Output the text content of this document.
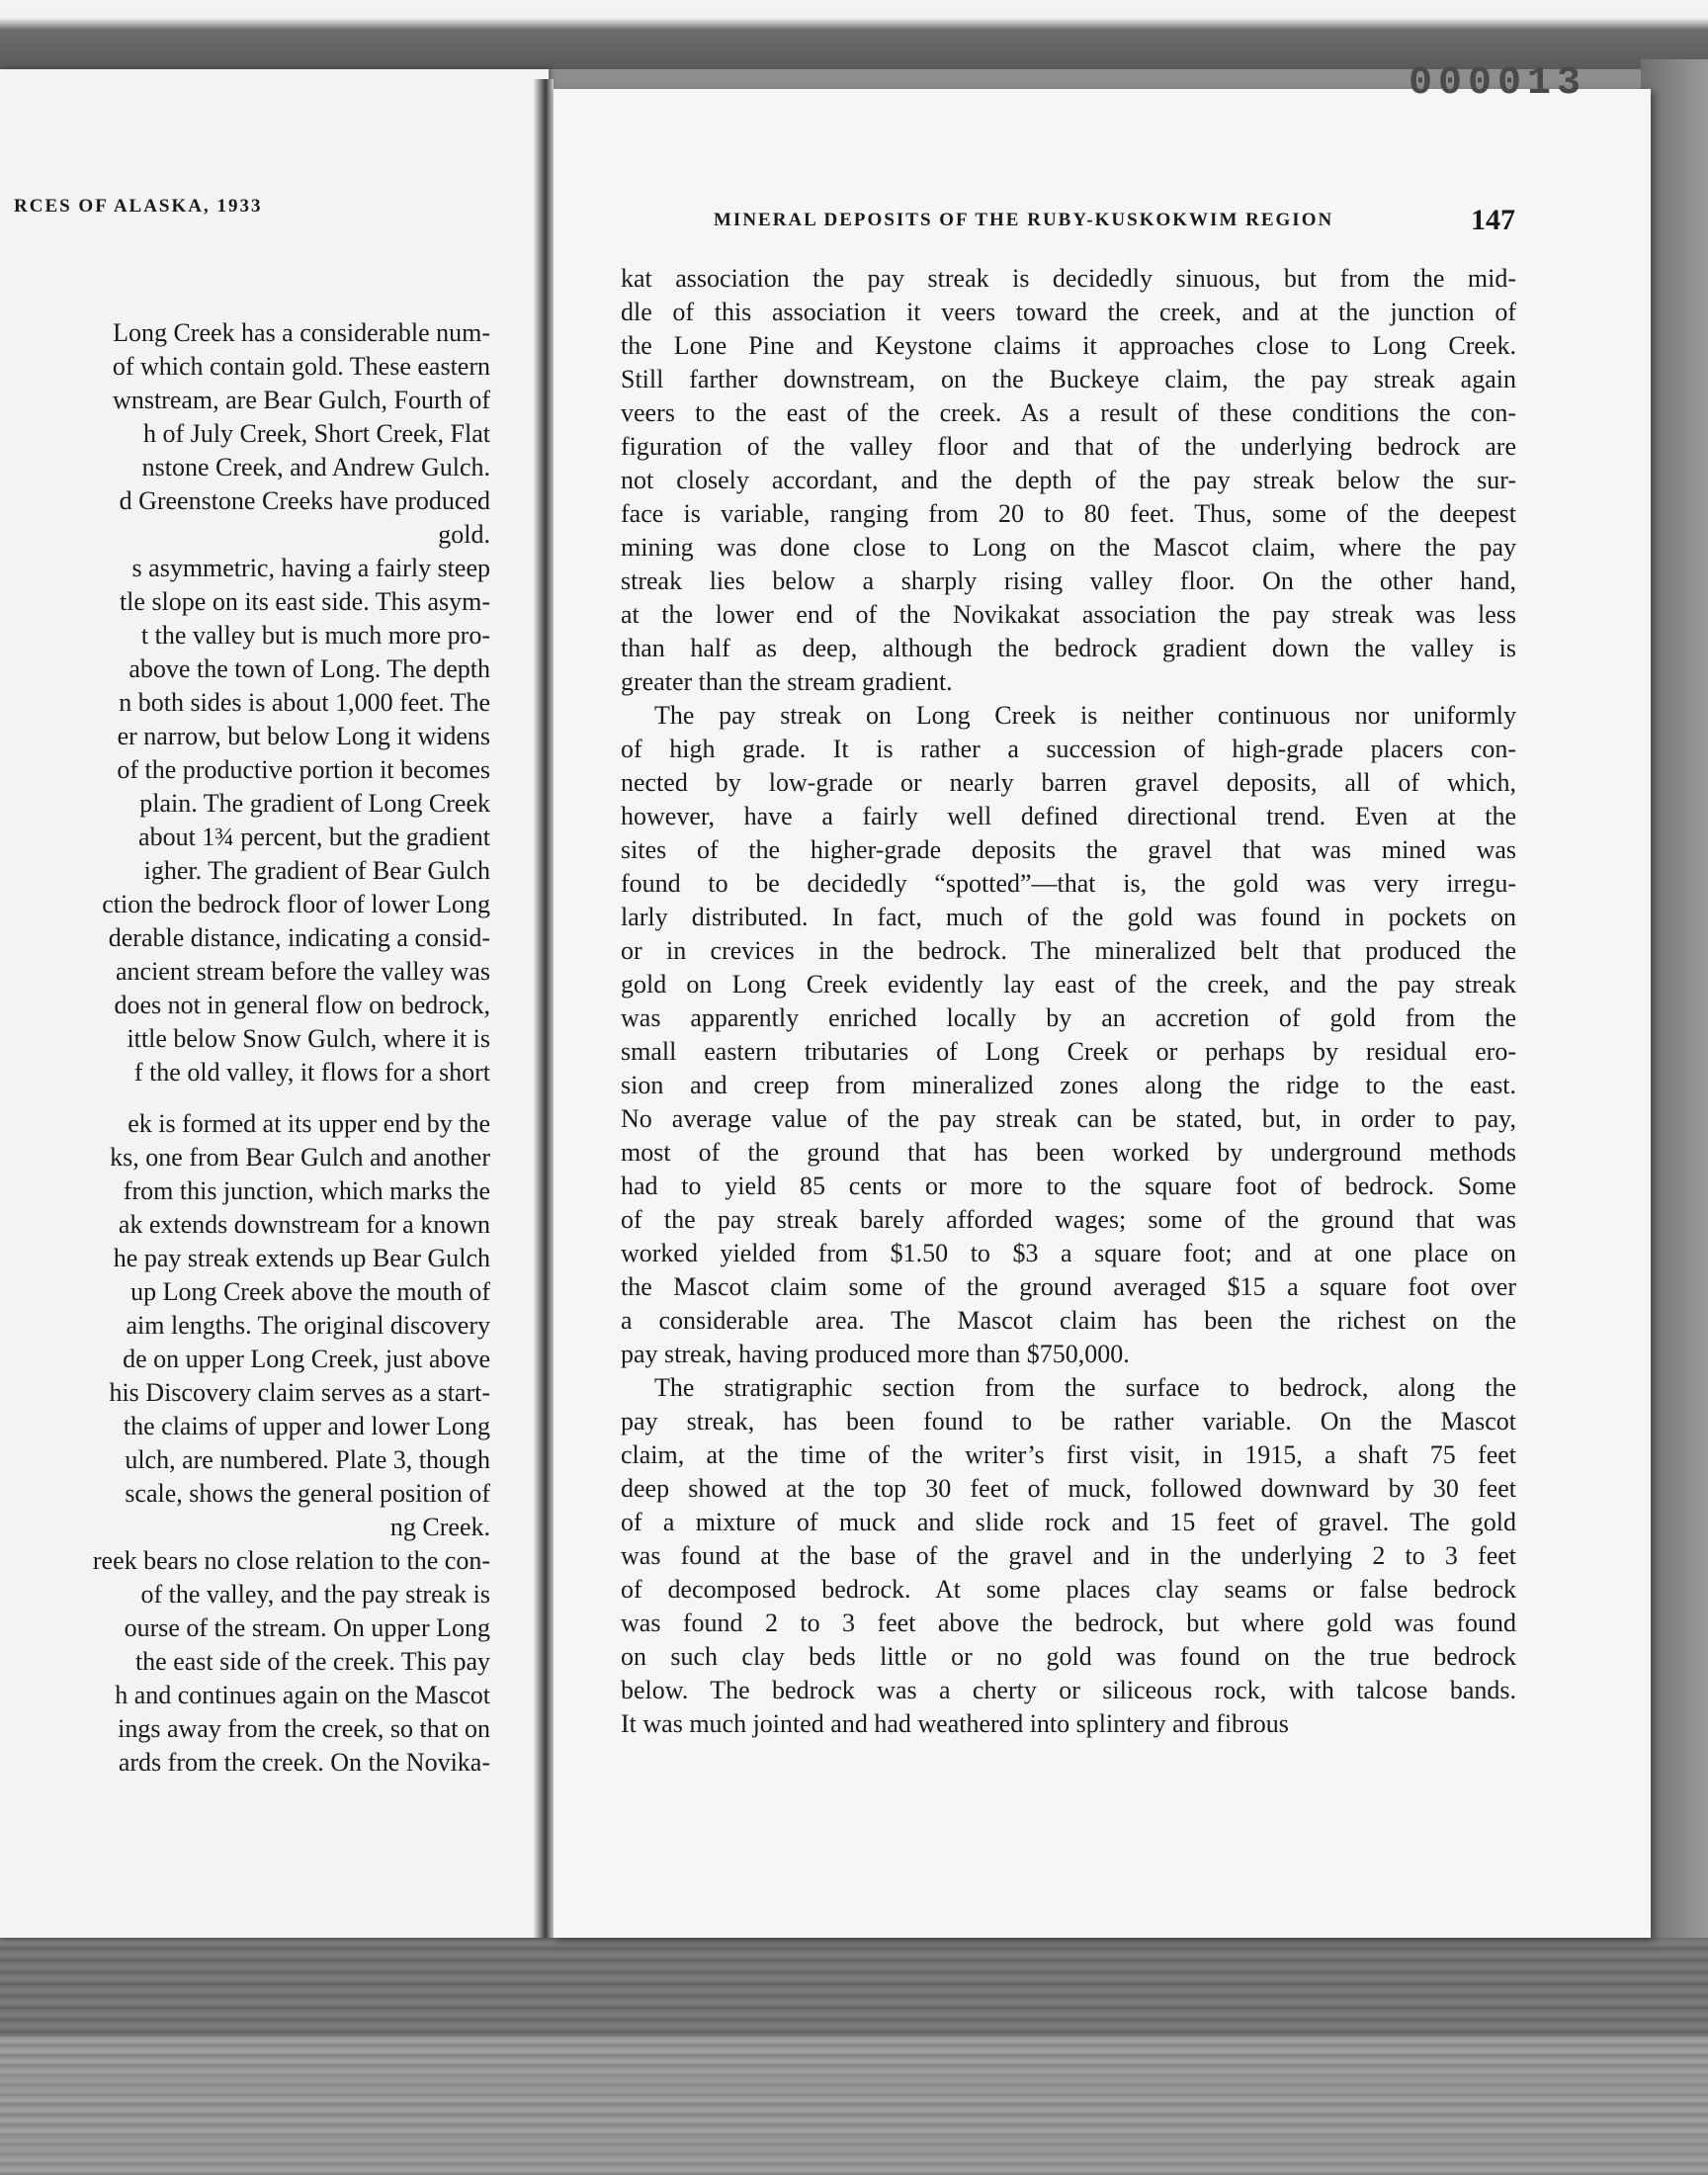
RCES OF ALASKA, 1933
Long Creek has a considerable num-
of which contain gold. These eastern
wnstream, are Bear Gulch, Fourth of
h of July Creek, Short Creek, Flat
nstone Creek, and Andrew Gulch.
d Greenstone Creeks have produced
gold.
s asymmetric, having a fairly steep
tle slope on its east side. This asym-
t the valley but is much more pro-
above the town of Long. The depth
n both sides is about 1,000 feet. The
er narrow, but below Long it widens
of the productive portion it becomes
plain. The gradient of Long Creek
about 1¾ percent, but the gradient
igher. The gradient of Bear Gulch
ction the bedrock floor of lower Long
derable distance, indicating a consid-
ancient stream before the valley was
does not in general flow on bedrock,
ittle below Snow Gulch, where it is
f the old valley, it flows for a short
ek is formed at its upper end by the
ks, one from Bear Gulch and another
from this junction, which marks the
ak extends downstream for a known
he pay streak extends up Bear Gulch
up Long Creek above the mouth of
aim lengths. The original discovery
de on upper Long Creek, just above
his Discovery claim serves as a start-
the claims of upper and lower Long
ulch, are numbered. Plate 3, though
scale, shows the general position of
ng Creek.
reek bears no close relation to the con-
of the valley, and the pay streak is
ourse of the stream. On upper Long
the east side of the creek. This pay
h and continues again on the Mascot
ings away from the creek, so that on
ards from the creek. On the Novika-
000013
MINERAL DEPOSITS OF THE RUBY-KUSKOKWIM REGION	147
kat association the pay streak is decidedly sinuous, but from the mid-
dle of this association it veers toward the creek, and at the junction of
the Lone Pine and Keystone claims it approaches close to Long Creek.
Still farther downstream, on the Buckeye claim, the pay streak again
veers to the east of the creek. As a result of these conditions the con-
figuration of the valley floor and that of the underlying bedrock are
not closely accordant, and the depth of the pay streak below the sur-
face is variable, ranging from 20 to 80 feet. Thus, some of the deepest
mining was done close to Long on the Mascot claim, where the pay
streak lies below a sharply rising valley floor. On the other hand,
at the lower end of the Novikakat association the pay streak was less
than half as deep, although the bedrock gradient down the valley is
greater than the stream gradient.
The pay streak on Long Creek is neither continuous nor uniformly
of high grade. It is rather a succession of high-grade placers con-
nected by low-grade or nearly barren gravel deposits, all of which,
however, have a fairly well defined directional trend. Even at the
sites of the higher-grade deposits the gravel that was mined was
found to be decidedly “spotted”—that is, the gold was very irregu-
larly distributed. In fact, much of the gold was found in pockets on
or in crevices in the bedrock. The mineralized belt that produced the
gold on Long Creek evidently lay east of the creek, and the pay streak
was apparently enriched locally by an accretion of gold from the
small eastern tributaries of Long Creek or perhaps by residual ero-
sion and creep from mineralized zones along the ridge to the east.
No average value of the pay streak can be stated, but, in order to pay,
most of the ground that has been worked by underground methods
had to yield 85 cents or more to the square foot of bedrock. Some
of the pay streak barely afforded wages; some of the ground that was
worked yielded from $1.50 to $3 a square foot; and at one place on
the Mascot claim some of the ground averaged $15 a square foot over
a considerable area. The Mascot claim has been the richest on the
pay streak, having produced more than $750,000.
The stratigraphic section from the surface to bedrock, along the
pay streak, has been found to be rather variable. On the Mascot
claim, at the time of the writer’s first visit, in 1915, a shaft 75 feet
deep showed at the top 30 feet of muck, followed downward by 30 feet
of a mixture of muck and slide rock and 15 feet of gravel. The gold
was found at the base of the gravel and in the underlying 2 to 3 feet
of decomposed bedrock. At some places clay seams or false bedrock
was found 2 to 3 feet above the bedrock, but where gold was found
on such clay beds little or no gold was found on the true bedrock
below. The bedrock was a cherty or siliceous rock, with talcose bands.
It was much jointed and had weathered into splintery and fibrous
